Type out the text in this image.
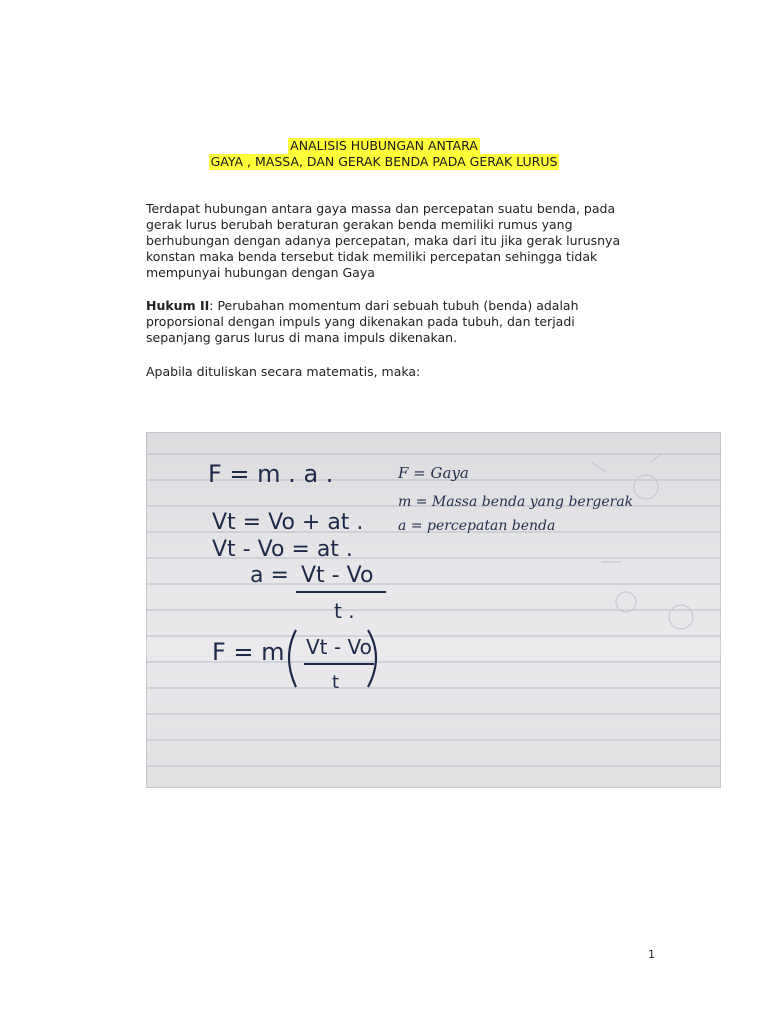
ANALISIS HUBUNGAN ANTARA
GAYA , MASSA, DAN GERAK BENDA PADA GERAK LURUS
Terdapat hubungan antara gaya massa dan percepatan suatu benda, pada gerak lurus berubah beraturan gerakan benda memiliki rumus yang berhubungan dengan adanya percepatan, maka dari itu jika gerak lurusnya konstan maka benda tersebut tidak memiliki percepatan sehingga tidak mempunyai hubungan dengan Gaya
Hukum II: Perubahan momentum dari sebuah tubuh (benda) adalah proporsional dengan impuls yang dikenakan pada tubuh, dan terjadi sepanjang garus lurus di mana impuls dikenakan.
Apabila dituliskan secara matematis, maka:
F = m . a .
Vt = Vo + at .
Vt - Vo = at .
a = Vt - Vo
t .
F = m Vt - Vo
t
F = Gaya
m = Massa benda yang bergerak
a = percepatan benda
1
